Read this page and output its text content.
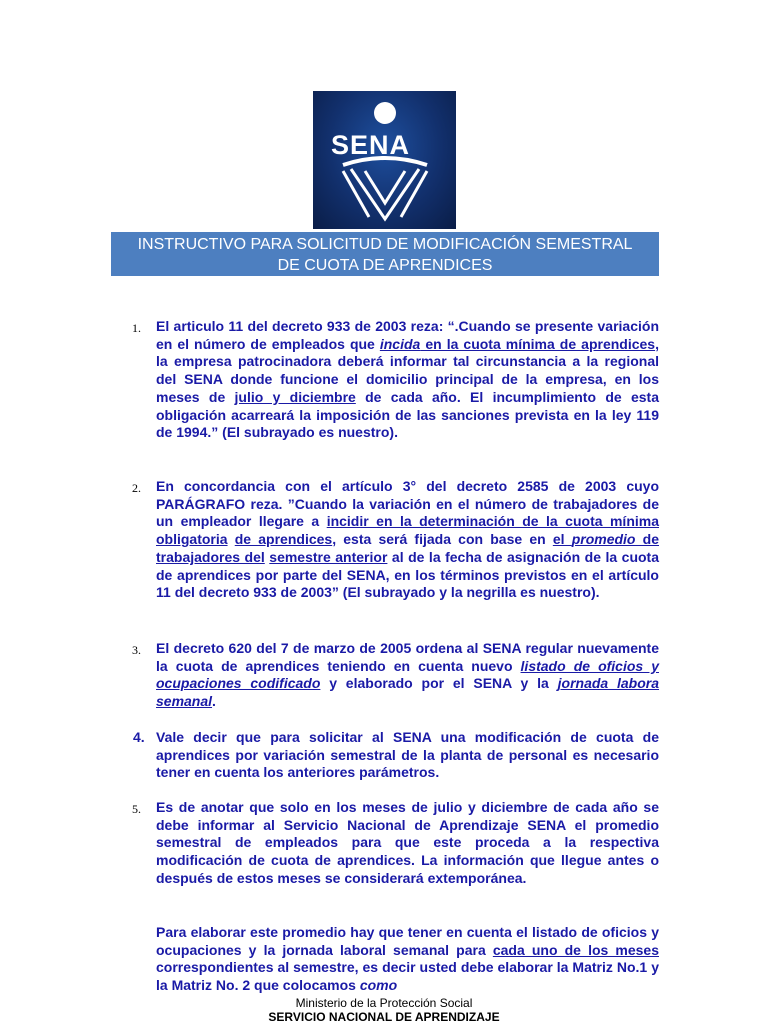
SENA
INSTRUCTIVO PARA SOLICITUD DE MODIFICACIÓN SEMESTRAL
DE CUOTA DE APRENDICES
1. El articulo 11 del decreto 933 de 2003 reza: “.Cuando se presente variación en el número de empleados que incida en la cuota mínima de aprendices, la empresa patrocinadora deberá informar tal circunstancia a la regional del SENA donde funcione el domicilio principal de la empresa, en los meses de julio y diciembre de cada año. El incumplimiento de esta obligación acarreará la imposición de las sanciones prevista en la ley 119 de 1994.” (El subrayado es nuestro).
2. En concordancia con el artículo 3° del decreto 2585 de 2003 cuyo PARÁGRAFO reza. ”Cuando la variación en el número de trabajadores de un empleador llegare a incidir en la determinación de la cuota mínima obligatoria de aprendices, esta será fijada con base en el promedio de trabajadores del semestre anterior al de la fecha de asignación de la cuota de aprendices por parte del SENA, en los términos previstos en el artículo 11 del decreto 933 de 2003” (El subrayado y la negrilla es nuestro).
3. El decreto 620 del 7 de marzo de 2005 ordena al SENA regular nuevamente la cuota de aprendices teniendo en cuenta nuevo listado de oficios y ocupaciones codificado y elaborado por el SENA y la jornada labora semanal.
4. Vale decir que para solicitar al SENA una modificación de cuota de aprendices por variación semestral de la planta de personal es necesario tener en cuenta los anteriores parámetros.
5. Es de anotar que solo en los meses de julio y diciembre de cada año se debe informar al Servicio Nacional de Aprendizaje SENA el promedio semestral de empleados para que este proceda a la respectiva modificación de cuota de aprendices. La información que llegue antes o después de estos meses se considerará extemporánea.
Para elaborar este promedio hay que tener en cuenta el listado de oficios y ocupaciones y la jornada laboral semanal para cada uno de los meses correspondientes al semestre, es decir usted debe elaborar la Matriz No.1 y la Matriz No. 2 que colocamos como
Ministerio de la Protección Social
SERVICIO NACIONAL DE APRENDIZAJE
